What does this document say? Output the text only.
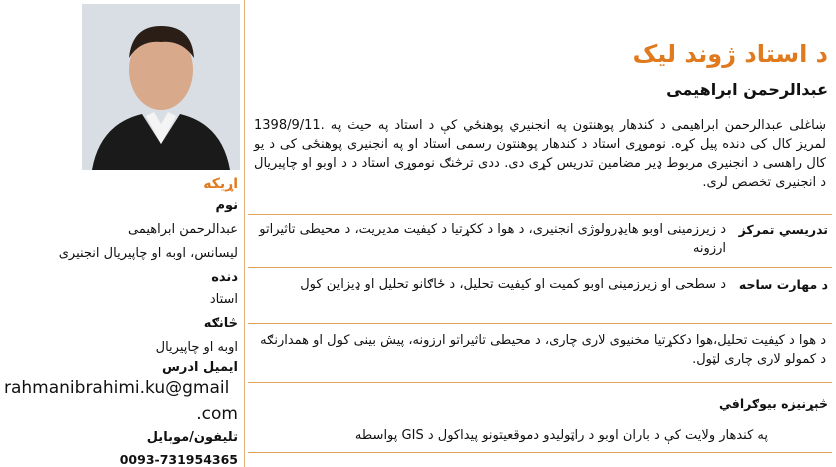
اړیکه
نوم
عبدالرحمن ابراهیمی
لیسانس، اوبه او چاپیریال انجنیری
دنده
استاد
څانګه
اوبه او چاپیریال
ایمیل ادرس
rahmanibrahimi.ku@gmail
.com
تلیفون/موبایل
0093-731954365
د استاد ژوند لیک
عبدالرحمن ابراهیمی
ښاغلی عبدالرحمن ابراهیمی د کندهار پوهنتون په انجنیري پوهنځي کې د استاد په حیث په .1398/9/11 لمریز کال کی دنده پیل کړه. نوموړی استاد د کندهار پوهنتون رسمی استاد او په انجنیری پوهنځی کی د یو کال راهسی د انجنیری مربوط ډیر مضامین تدریس کړی دی. ددی ترڅنګ نوموړی استاد د د اوبو او چاپیریال د انجنیری تخصص لری.
تدریسي تمرکز
د زیرزمینی اوبو هایډرولوژی انجنیری، د هوا د ککړتیا د کیفیت مدیریت، د محیطی تاثیراتو ارزونه
د مهارت ساحه
د سطحی او زیرزمینی اوبو کمیت او کیفیت تحلیل، د ځاګانو تحلیل او ډیزاین کول
د هوا د کیفیت تحلیل،هوا دککړتیا مخنیوی لاری چاری، د محیطی تاثیراتو ارزونه، پیش بینی کول او همدارنګه د کمولو لاری چاری لټول.
څېړنیزه بیوګرافي
په کندهار ولایت کې د باران اوبو د راټولیدو دموقعیتونو پیداکول د GIS پواسطه
